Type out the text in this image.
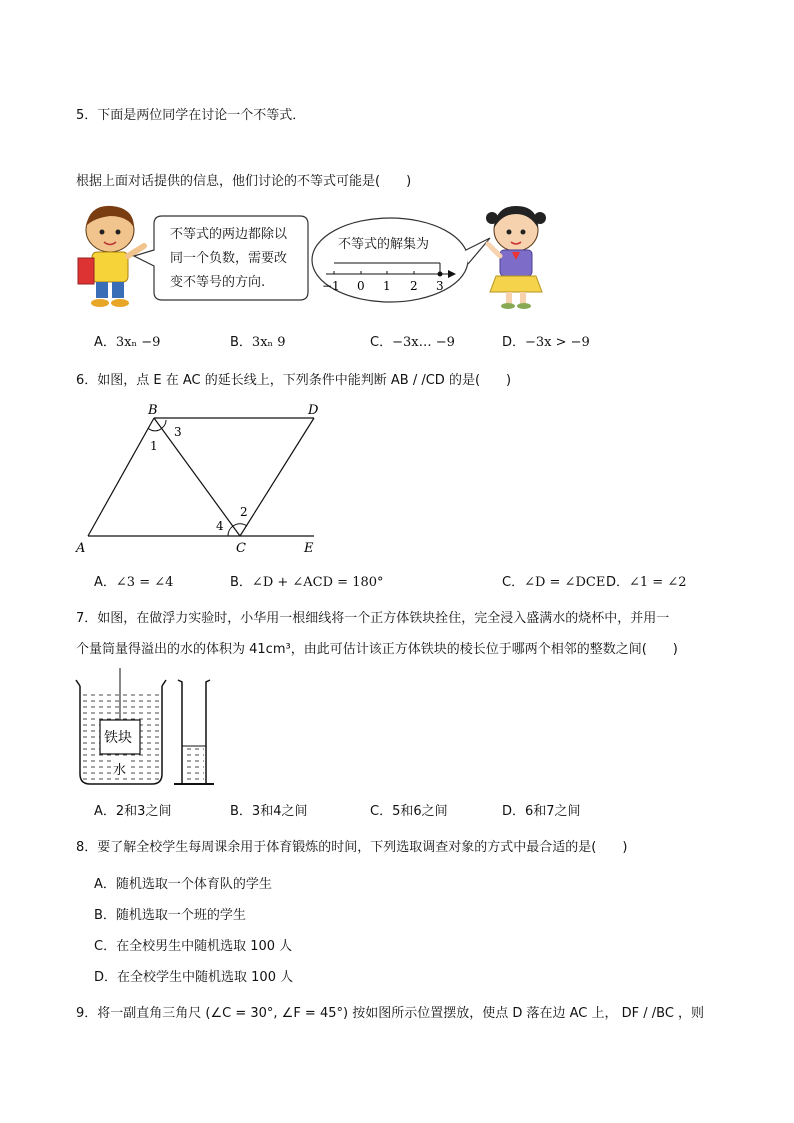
5．下面是两位同学在讨论一个不等式．
根据上面对话提供的信息，他们讨论的不等式可能是(　　)
不等式的两边都除以
同一个负数，需要改
变不等号的方向.
不等式的解集为
−1 0 1 2 3
A．3xₙ −9	B．3xₙ 9	C．−3x… −9	D．−3x > −9
6．如图，点 E 在 AC 的延长线上，下列条件中能判断 AB / /CD 的是(　　)
B	D
A	C	E
1
3
2
4
A．∠3 = ∠4	B．∠D + ∠ACD = 180°	C．∠D = ∠DCE D．∠1 = ∠2
7．如图，在做浮力实验时，小华用一根细线将一个正方体铁块拴住，完全浸入盛满水的烧杯中，并用一
个量筒量得溢出的水的体积为 41cm³，由此可估计该正方体铁块的棱长位于哪两个相邻的整数之间(　　)
铁块
水
A．2和3之间	B．3和4之间	C．5和6之间	D．6和7之间
8．要了解全校学生每周课余用于体育锻炼的时间，下列选取调查对象的方式中最合适的是(　　)
A．随机选取一个体育队的学生
B．随机选取一个班的学生
C．在全校男生中随机选取 100 人
D．在全校学生中随机选取 100 人
9．将一副直角三角尺 (∠C = 30°, ∠F = 45°) 按如图所示位置摆放，使点 D 落在边 AC 上， DF / /BC ，则
